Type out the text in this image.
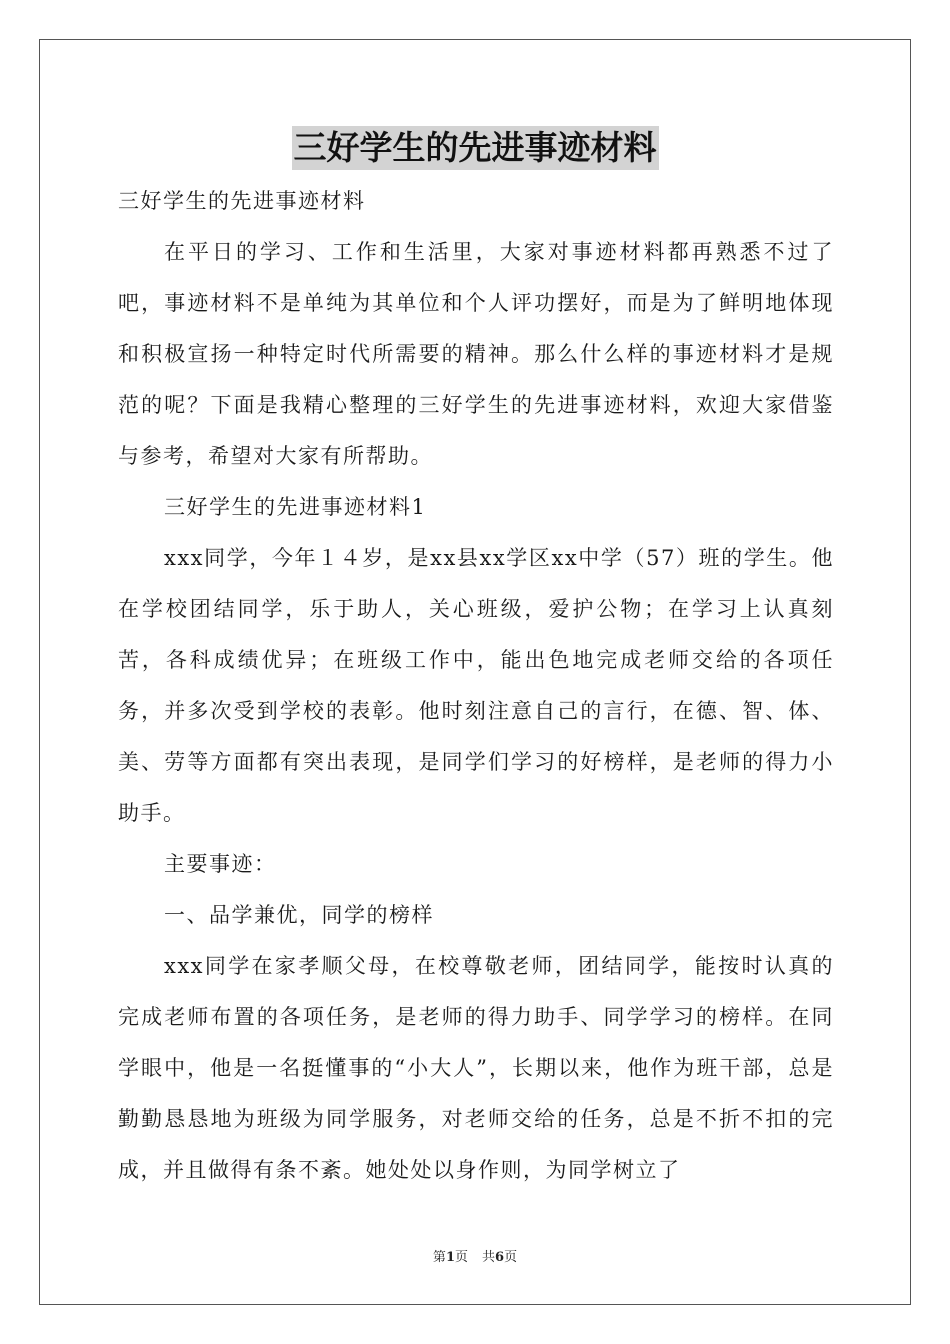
三好学生的先进事迹材料

三好学生的先进事迹材料

在平日的学习、工作和生活里，大家对事迹材料都再熟悉不过了吧，事迹材料不是单纯为其单位和个人评功摆好，而是为了鲜明地体现和积极宣扬一种特定时代所需要的精神。那么什么样的事迹材料才是规范的呢？下面是我精心整理的三好学生的先进事迹材料，欢迎大家借鉴与参考，希望对大家有所帮助。

三好学生的先进事迹材料1

xxx同学，今年１４岁，是xx县xx学区xx中学（57）班的学生。他在学校团结同学，乐于助人，关心班级，爱护公物；在学习上认真刻苦，各科成绩优异；在班级工作中，能出色地完成老师交给的各项任务，并多次受到学校的表彰。他时刻注意自己的言行，在德、智、体、美、劳等方面都有突出表现，是同学们学习的好榜样，是老师的得力小助手。

主要事迹：

一、品学兼优，同学的榜样

xxx同学在家孝顺父母，在校尊敬老师，团结同学，能按时认真的完成老师布置的各项任务，是老师的得力助手、同学学习的榜样。在同学眼中，他是一名挺懂事的“小大人”，长期以来，他作为班干部，总是勤勤恳恳地为班级为同学服务，对老师交给的任务，总是不折不扣的完成，并且做得有条不紊。她处处以身作则，为同学树立了

第1页 共6页
